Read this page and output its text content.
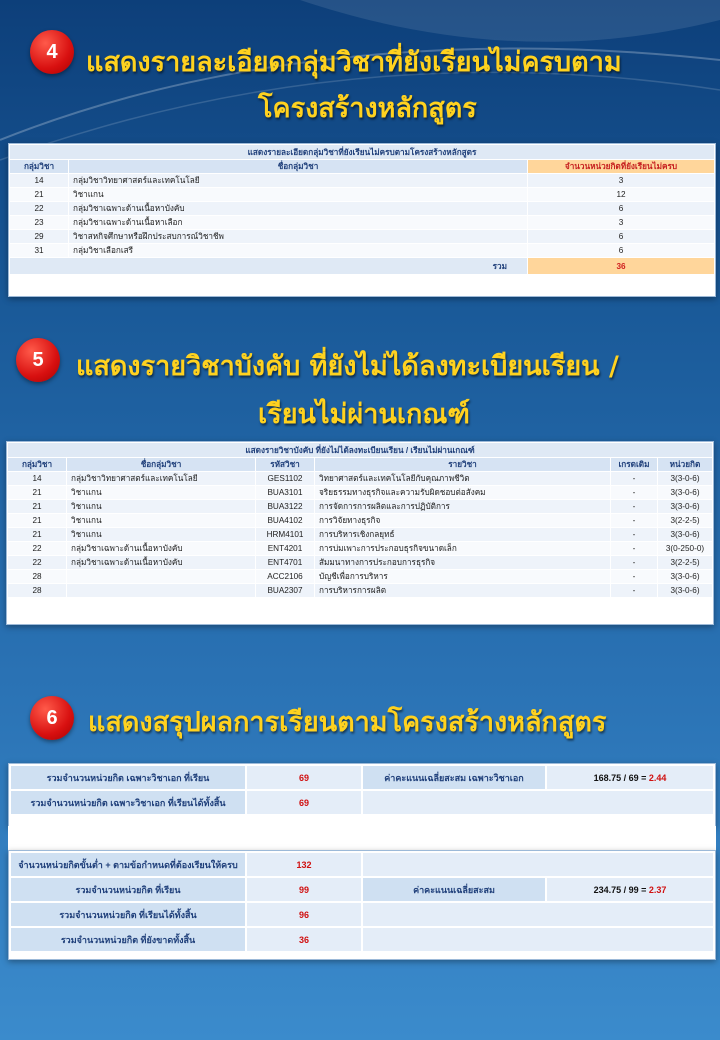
4	แสดงรายละเอียดกลุ่มวิชาที่ยังเรียนไม่ครบตาม
โครงสร้างหลักสูตร
แสดงรายละเอียดกลุ่มวิชาที่ยังเรียนไม่ครบตามโครงสร้างหลักสูตร		
กลุ่มวิชา	ชื่อกลุ่มวิชา	จำนวนหน่วยกิตที่ยังเรียนไม่ครบ
14	กลุ่มวิชาวิทยาศาสตร์และเทคโนโลยี	3
21	วิชาแกน	12
22	กลุ่มวิชาเฉพาะด้านเนื้อหาบังคับ	6
23	กลุ่มวิชาเฉพาะด้านเนื้อหาเลือก	3
29	วิชาสหกิจศึกษาหรือฝึกประสบการณ์วิชาชีพ	6
31	กลุ่มวิชาเลือกเสรี	6
รวม		36
5	แสดงรายวิชาบังคับ ที่ยังไม่ได้ลงทะเบียนเรียน /
เรียนไม่ผ่านเกณฑ์
แสดงรายวิชาบังคับ ที่ยังไม่ได้ลงทะเบียนเรียน / เรียนไม่ผ่านเกณฑ์					
กลุ่มวิชา	ชื่อกลุ่มวิชา	รหัสวิชา	รายวิชา	เกรดเดิม	หน่วยกิต
14	กลุ่มวิชาวิทยาศาสตร์และเทคโนโลยี	GES1102	วิทยาศาสตร์และเทคโนโลยีกับคุณภาพชีวิต	-	3(3-0-6)
21	วิชาแกน	BUA3101	จริยธรรมทางธุรกิจและความรับผิดชอบต่อสังคม	-	3(3-0-6)
21	วิชาแกน	BUA3122	การจัดการการผลิตและการปฏิบัติการ	-	3(3-0-6)
21	วิชาแกน	BUA4102	การวิจัยทางธุรกิจ	-	3(2-2-5)
21	วิชาแกน	HRM4101	การบริหารเชิงกลยุทธ์	-	3(3-0-6)
22	กลุ่มวิชาเฉพาะด้านเนื้อหาบังคับ	ENT4201	การบ่มเพาะการประกอบธุรกิจขนาดเล็ก	-	3(0-250-0)
22	กลุ่มวิชาเฉพาะด้านเนื้อหาบังคับ	ENT4701	สัมมนาทางการประกอบการธุรกิจ	-	3(2-2-5)
28		ACC2106	บัญชีเพื่อการบริหาร	-	3(3-0-6)
28		BUA2307	การบริหารการผลิต	-	3(3-0-6)
6	แสดงสรุปผลการเรียนตามโครงสร้างหลักสูตร
รวมจำนวนหน่วยกิต เฉพาะวิชาเอก ที่เรียน	69	ค่าคะแนนเฉลี่ยสะสม เฉพาะวิชาเอก	168.75 / 69 = 2.44
รวมจำนวนหน่วยกิต เฉพาะวิชาเอก ที่เรียนได้ทั้งสิ้น	69		
จำนวนหน่วยกิตขั้นต่ำ + ตามข้อกำหนดที่ต้องเรียนให้ครบ	132		
รวมจำนวนหน่วยกิต ที่เรียน	99	ค่าคะแนนเฉลี่ยสะสม	234.75 / 99 = 2.37
รวมจำนวนหน่วยกิต ที่เรียนได้ทั้งสิ้น	96		
รวมจำนวนหน่วยกิต ที่ยังขาดทั้งสิ้น	36		
